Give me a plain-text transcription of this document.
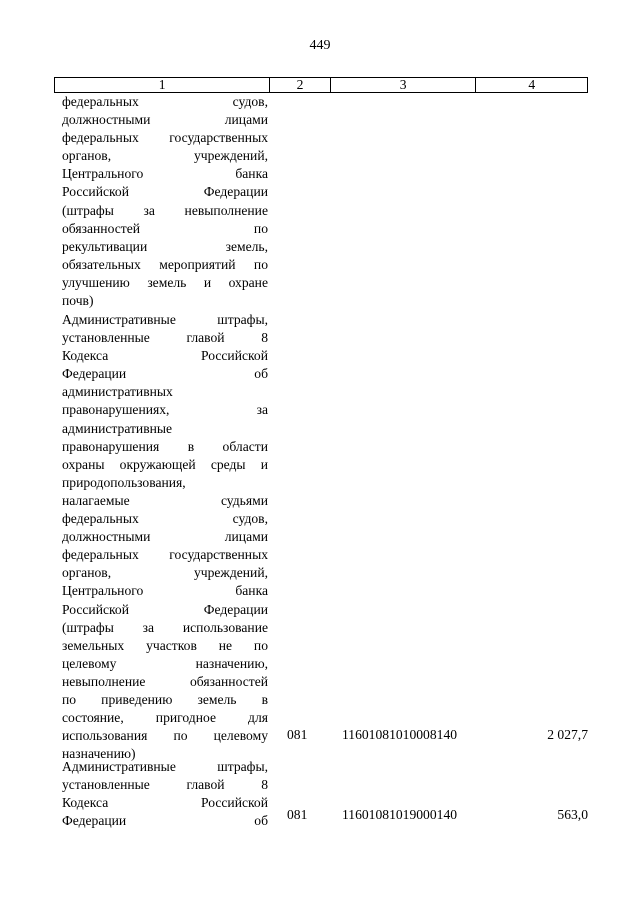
449
1	2	3	4
федеральных судов,
должностными лицами
федеральных государственных
органов, учреждений,
Центрального банка
Российской Федерации
(штрафы за невыполнение
обязанностей по
рекультивации земель,
обязательных мероприятий по
улучшению земель и охране
почв)
Административные штрафы,
установленные главой 8
Кодекса Российской
Федерации об
административных
правонарушениях, за
административные
правонарушения в области
охраны окружающей среды и
природопользования,
налагаемые судьями
федеральных судов,
должностными лицами
федеральных государственных
органов, учреждений,
Центрального банка
Российской Федерации
(штрафы за использование
земельных участков не по
целевому назначению,
невыполнение обязанностей
по приведению земель в
состояние, пригодное для
использования по целевому
назначению)
081	11601081010008140	2 027,7
Административные штрафы,
установленные главой 8
Кодекса Российской
Федерации об 081	11601081019000140	563,0
